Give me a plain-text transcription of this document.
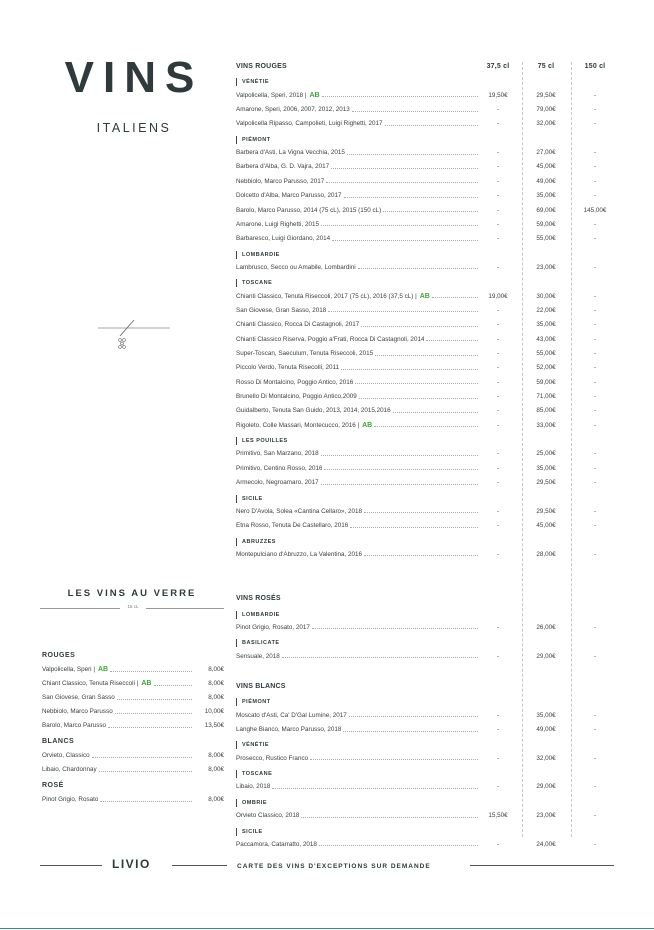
VINS
ITALIENS
LES VINS AU VERRE
15 cL
ROUGES
Valpolicella, Speri | AB	8,00€
Chiant Classico, Tenuta Riseccoli | AB	8,00€
San Giovese, Gran Sasso	8,00€
Nebbiolo, Marco Parusso	10,00€
Barolo, Marco Parusso	13,50€
BLANCS
Orvieto, Classico	8,00€
Libaio, Chardonnay	8,00€
ROSÉ
Pinot Grigio, Rosato	8,00€
37,5 cl	75 cl	150 cl
VINS ROUGES
VÉNÉTIE
Valpolicella, Speri, 2018 | AB	19,50€	29,50€	-
Amarone, Speri, 2006, 2007, 2012, 2013	-	79,00€	-
Valpolicella Ripasso, Campolieti, Luigi Righetti, 2017	-	32,00€	-
PIÉMONT
Barbera d'Asti, La Vigna Vecchia, 2015	-	27,00€	-
Barbera d'Alba, G. D. Vajra, 2017	-	45,00€	-
Nebbiolo, Marco Parusso, 2017	-	49,00€	-
Dolcetto d'Alba, Marco Parusso, 2017	-	35,00€	-
Barolo, Marco Parusso, 2014 (75 cL), 2015 (150 cL)	-	69,00€	145,00€
Amarone, Luigi Righetti, 2015	-	59,00€	-
Barbaresco, Luigi Giordano, 2014	-	55,00€	-
LOMBARDIE
Lambrusco, Secco ou Amabile, Lombardini	-	23,00€	-
TOSCANE
Chianti Classico, Tenuta Riseccoli, 2017 (75 cL), 2016 (37,5 cL) | AB	19,00€	30,00€	-
San Giovese, Gran Sasso, 2018	-	22,00€	-
Chianti Classico, Rocca Di Castagnoli, 2017	-	35,00€	-
Chianti Classico Riserva, Poggio a'Frati, Rocca Di Castagnoli, 2014	-	43,00€	-
Super-Toscan, Saeculum, Tenuta Riseccoli, 2015	-	55,00€	-
Piccolo Verdo, Tenuta Risecolli, 2011	-	52,00€	-
Rosso Di Montalcino, Poggio Antico, 2016	-	59,00€	-
Brunello Di Montalcino, Poggio Antico,2009	-	71,00€	-
Guidalberto, Tenuta San Guido, 2013, 2014, 2015,2016	-	85,00€	-
Rigoleto, Colle Massari, Montecucco, 2016 | AB	-	33,00€	-
LES POUILLES
Primitivo, San Marzano, 2018	-	25,00€	-
Primitivo, Centino Rosso, 2016	-	35,00€	-
Armecolo, Negroamaro, 2017	-	29,50€	-
SICILE
Nero D'Avola, Solea «Cantina Cellaro», 2018	-	29,50€	-
Etna Rosso, Tenuta De Castellaro, 2016	-	45,00€	-
ABRUZZES
Montepulciano d'Abruzzo, La Valentina, 2016	-	28,00€	-
VINS ROSÉS
LOMBARDIE
Pinot Grigio, Rosato, 2017	-	26,00€	-
BASILICATE
Sensuale, 2018	-	29,00€	-
VINS BLANCS
PIÉMONT
Moscato d'Asti, Ca' D'Gal Lumine, 2017	-	35,00€	-
Langhe Bianco, Marco Parusso, 2018	-	49,00€	-
VÉNÉTIE
Prosecco, Rustico Franco	-	32,00€	-
TOSCANE
Libaio, 2018	-	29,00€	-
OMBRIE
Orvieto Classico, 2018	15,50€	23,00€	-
SICILE
Paccamora, Catarratto, 2018	-	24,00€	-
LIVIO	CARTE DES VINS D'EXCEPTIONS SUR DEMANDE
